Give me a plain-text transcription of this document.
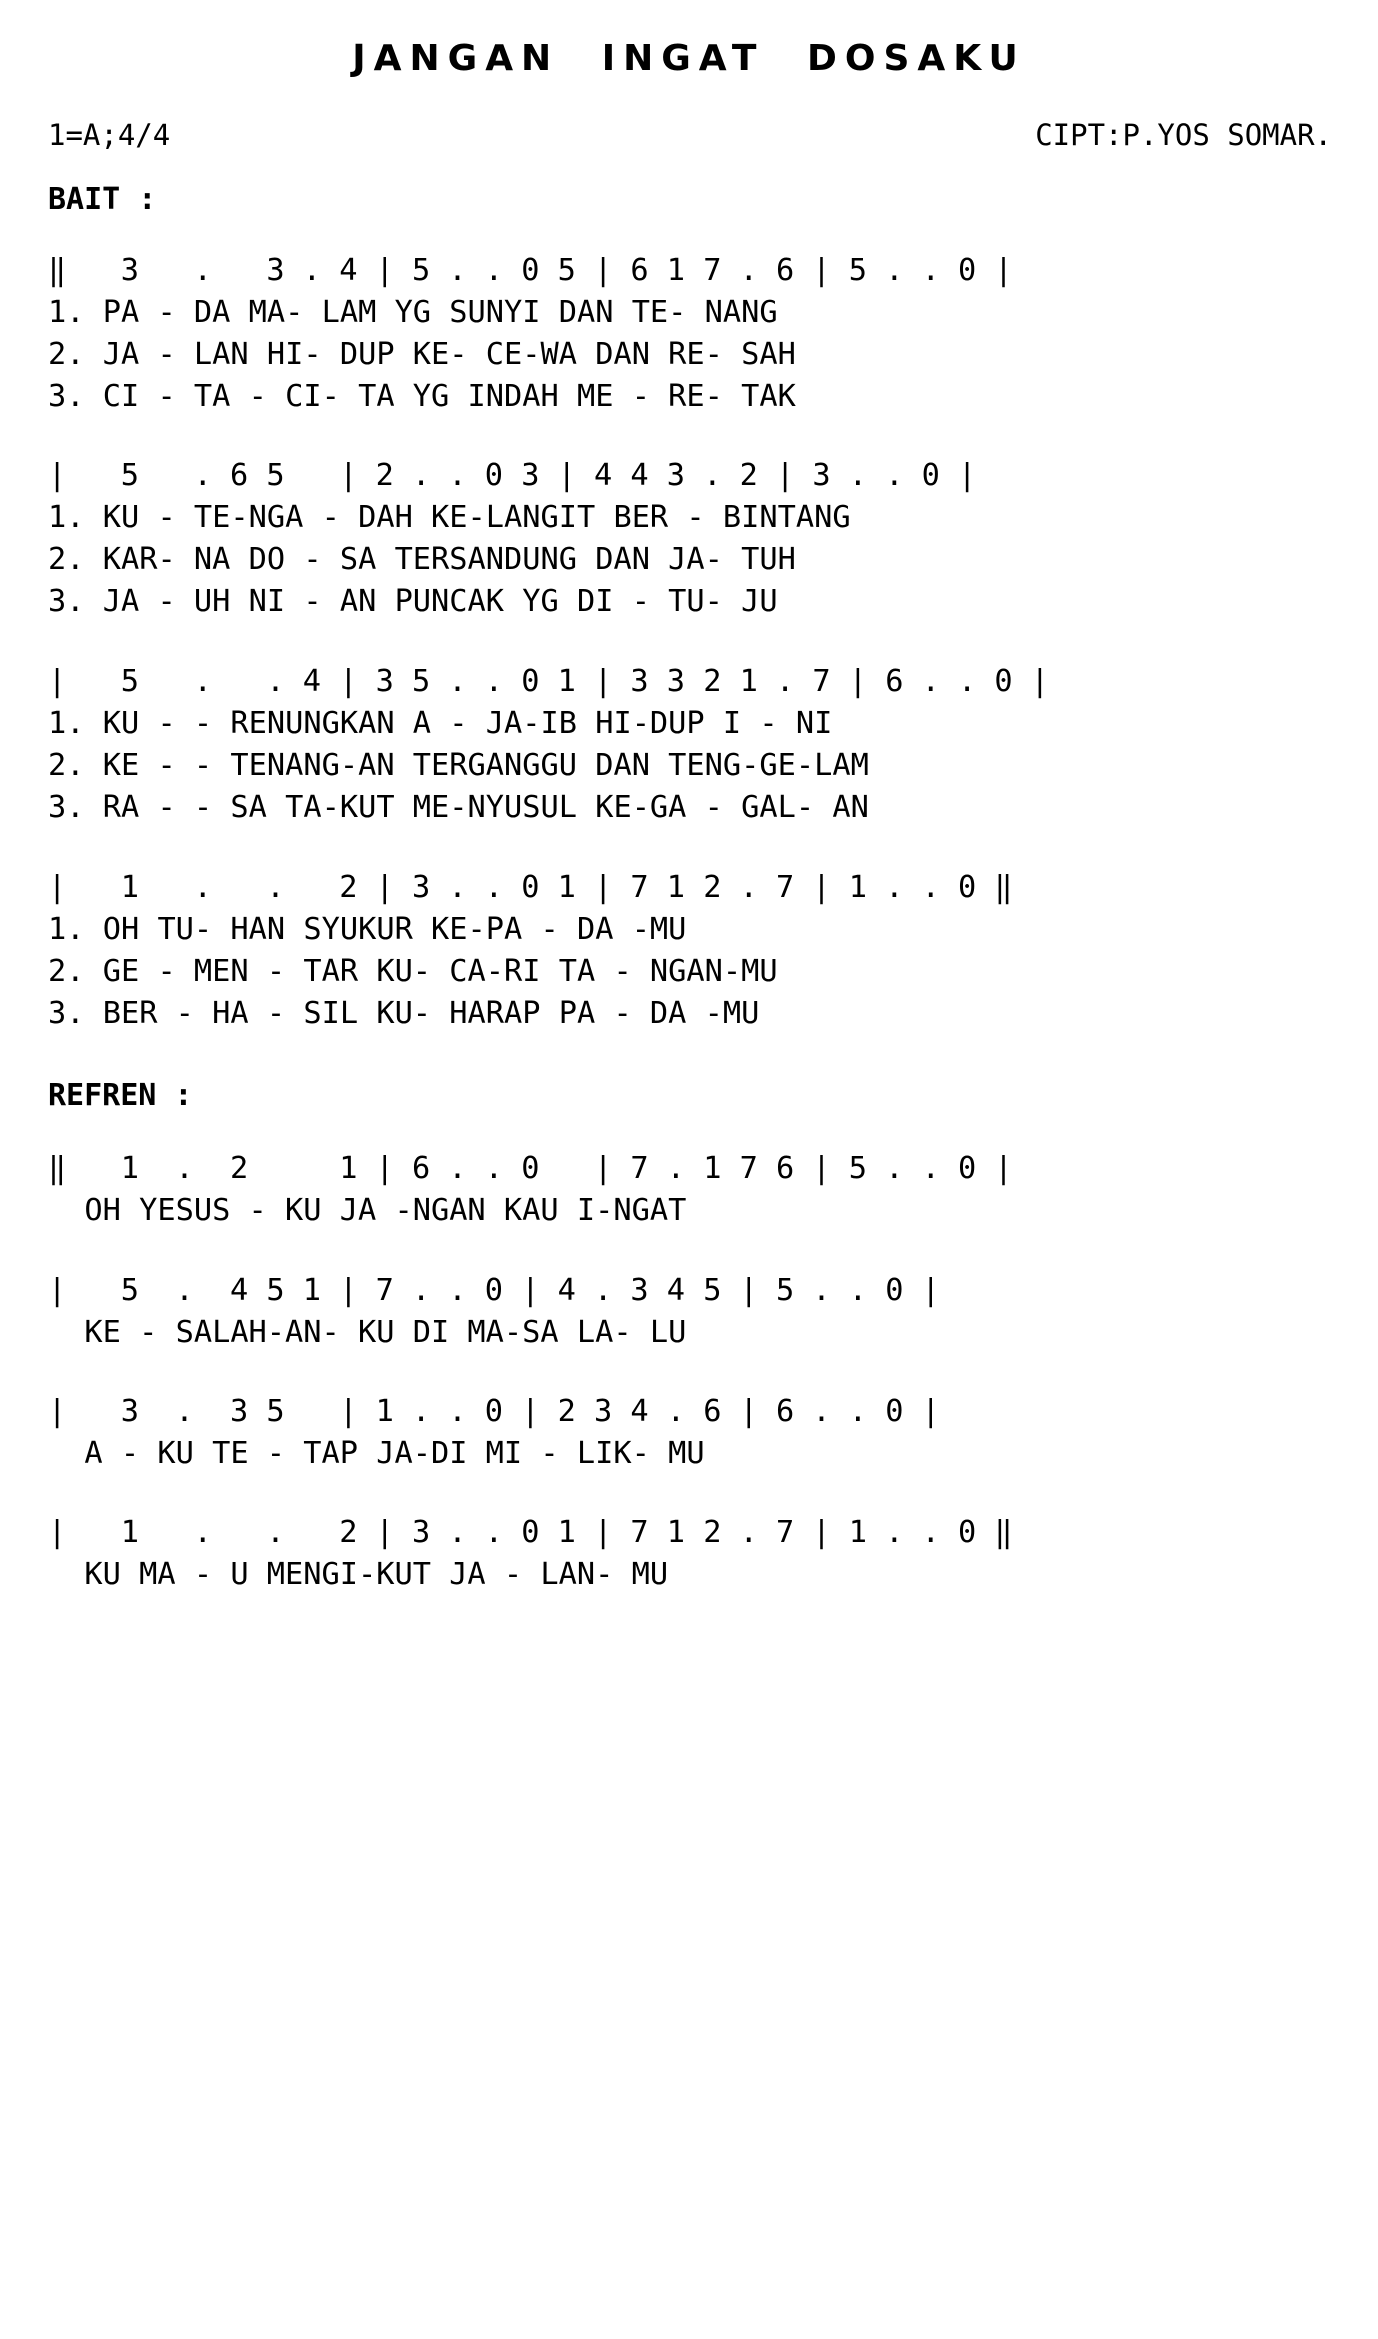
JANGAN INGAT DOSAKU
1=A;4/4	CIPT:P.YOS SOMAR.
BAIT :
‖ 3 . 3 . 4 | 5 . . 0 5 | 6 1 7 . 6 | 5 . . 0 |
1. PA - DA MA- LAM YG SUNYI DAN TE- NANG
2. JA - LAN HI- DUP KE- CE-WA DAN RE- SAH
3. CI - TA - CI- TA YG INDAH ME - RE- TAK
| 5 . 6 5 | 2 . . 0 3 | 4 4 3 . 2 | 3 . . 0 |
1. KU - TE-NGA - DAH KE-LANGIT BER - BINTANG
2. KAR- NA DO - SA TERSANDUNG DAN JA- TUH
3. JA - UH NI - AN PUNCAK YG DI - TU- JU
| 5 . . 4 | 3 5 . . 0 1 | 3 3 2 1 . 7 | 6 . . 0 |
1. KU - - RENUNGKAN A - JA-IB HI-DUP I - NI
2. KE - - TENANG-AN TERGANGGU DAN TENG-GE-LAM
3. RA - - SA TA-KUT ME-NYUSUL KE-GA - GAL- AN
| 1 . . 2 | 3 . . 0 1 | 7 1 2 . 7 | 1 . . 0 ‖
1. OH TU- HAN SYUKUR KE-PA - DA -MU
2. GE - MEN - TAR KU- CA-RI TA - NGAN-MU
3. BER - HA - SIL KU- HARAP PA - DA -MU
REFREN :
‖ 1 . 2	1 | 6 . . 0 | 7 . 1 7 6 | 5 . . 0 |
OH YESUS - KU JA -NGAN KAU I-NGAT
| 5 . 4 5 1 | 7 . . 0 | 4 . 3 4 5 | 5 . . 0 |
KE - SALAH-AN- KU DI MA-SA LA- LU
| 3 . 3 5 | 1 . . 0 | 2 3 4 . 6 | 6 . . 0 |
A - KU TE - TAP JA-DI MI - LIK- MU
| 1 . . 2 | 3 . . 0 1 | 7 1 2 . 7 | 1 . . 0 ‖
KU MA - U MENGI-KUT JA - LAN- MU
